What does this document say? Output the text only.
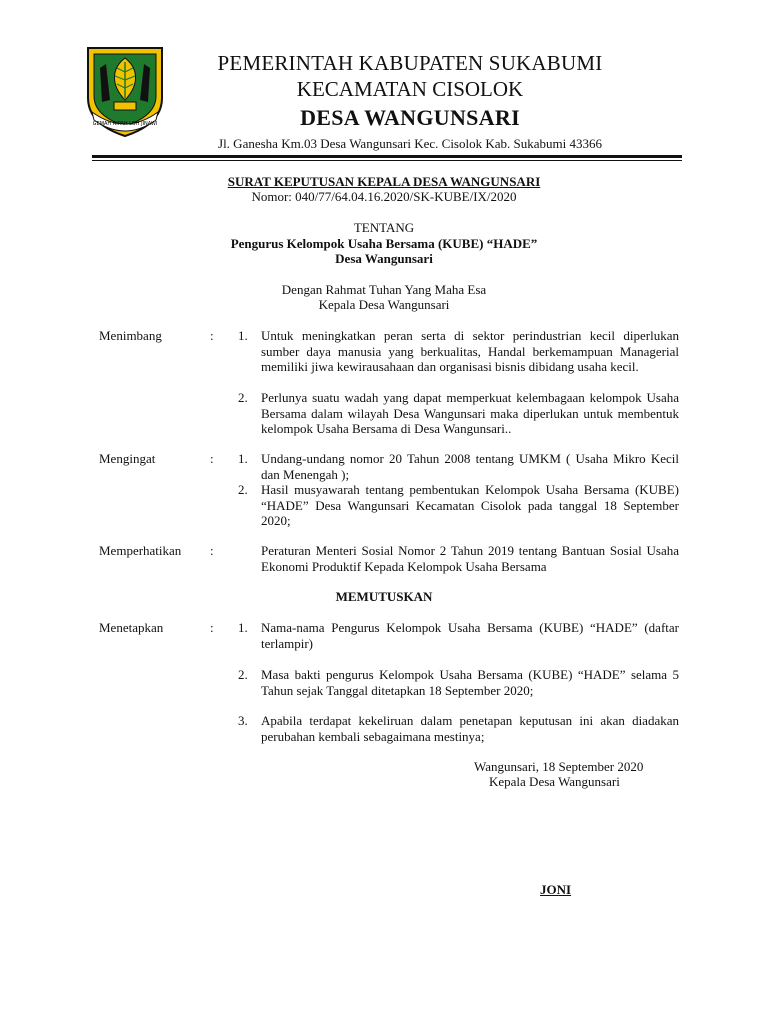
GEMAH RIPAH LOH JINAWI
PEMERINTAH KABUPATEN SUKABUMI
KECAMATAN CISOLOK
DESA WANGUNSARI
Jl. Ganesha Km.03 Desa Wangunsari Kec. Cisolok Kab. Sukabumi 43366
SURAT KEPUTUSAN KEPALA DESA WANGUNSARI
Nomor: 040/77/64.04.16.2020/SK-KUBE/IX/2020
TENTANG
Pengurus Kelompok Usaha Bersama (KUBE) “HADE”
Desa Wangunsari
Dengan Rahmat Tuhan Yang Maha Esa
Kepala Desa Wangunsari
Menimbang	: 1. Untuk meningkatkan peran serta di sektor perindustrian kecil diperlukan sumber daya manusia yang berkualitas, Handal berkemampuan Managerial memiliki jiwa kewirausahaan dan organisasi bisnis dibidang usaha kecil.
2. Perlunya suatu wadah yang dapat memperkuat kelembagaan kelompok Usaha Bersama dalam wilayah Desa Wangunsari maka diperlukan untuk membentuk kelompok Usaha Bersama di Desa Wangunsari..
Mengingat	: 1. Undang-undang nomor 20 Tahun 2008 tentang UMKM ( Usaha Mikro Kecil dan Menengah );
2. Hasil musyawarah tentang pembentukan Kelompok Usaha Bersama (KUBE) “HADE” Desa Wangunsari Kecamatan Cisolok pada tanggal 18 September 2020;
Memperhatikan :	Peraturan Menteri Sosial Nomor 2 Tahun 2019 tentang Bantuan Sosial Usaha Ekonomi Produktif Kepada Kelompok Usaha Bersama
MEMUTUSKAN
Menetapkan	: 1. Nama-nama Pengurus Kelompok Usaha Bersama (KUBE) “HADE” (daftar terlampir)
2. Masa bakti pengurus Kelompok Usaha Bersama (KUBE) “HADE” selama 5 Tahun sejak Tanggal ditetapkan 18 September 2020;
3. Apabila terdapat kekeliruan dalam penetapan keputusan ini akan diadakan perubahan kembali sebagaimana mestinya;
Wangunsari, 18 September 2020
Kepala Desa Wangunsari
JONI
